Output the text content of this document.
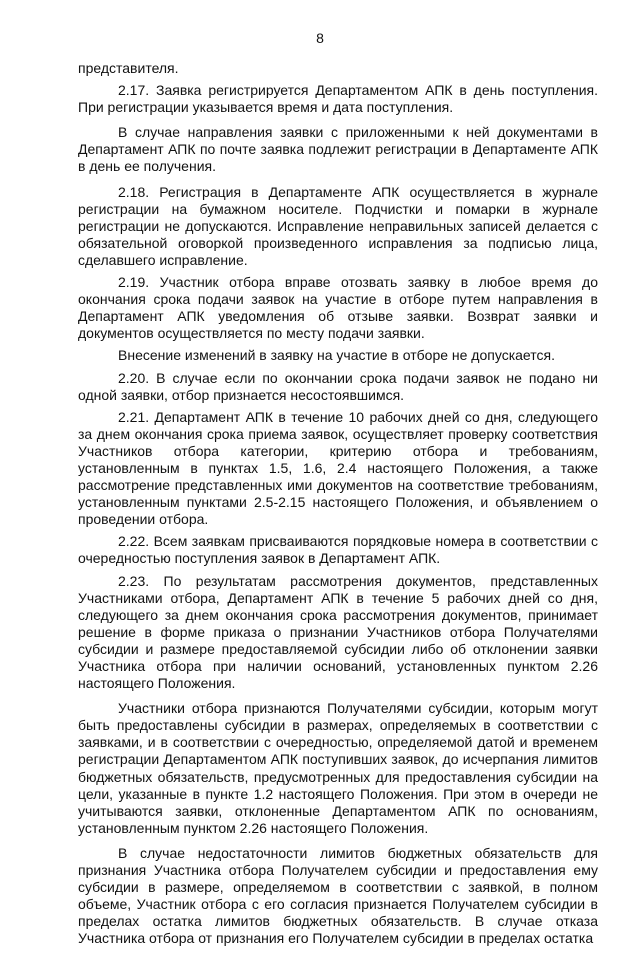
8

представителя.

2.17. Заявка регистрируется Департаментом АПК в день поступления. При регистрации указывается время и дата поступления.

В случае направления заявки с приложенными к ней документами в Департамент АПК по почте заявка подлежит регистрации в Департаменте АПК в день ее получения.

2.18. Регистрация в Департаменте АПК осуществляется в журнале регистрации на бумажном носителе. Подчистки и помарки в журнале регистрации не допускаются. Исправление неправильных записей делается с обязательной оговоркой произведенного исправления за подписью лица, сделавшего исправление.

2.19. Участник отбора вправе отозвать заявку в любое время до окончания срока подачи заявок на участие в отборе путем направления в Департамент АПК уведомления об отзыве заявки. Возврат заявки и документов осуществляется по месту подачи заявки.

Внесение изменений в заявку на участие в отборе не допускается.

2.20. В случае если по окончании срока подачи заявок не подано ни одной заявки, отбор признается несостоявшимся.

2.21. Департамент АПК в течение 10 рабочих дней со дня, следующего за днем окончания срока приема заявок, осуществляет проверку соответствия Участников отбора категории, критерию отбора и требованиям, установленным в пунктах 1.5, 1.6, 2.4 настоящего Положения, а также рассмотрение представленных ими документов на соответствие требованиям, установленным пунктами 2.5-2.15 настоящего Положения, и объявлением о проведении отбора.

2.22. Всем заявкам присваиваются порядковые номера в соответствии с очередностью поступления заявок в Департамент АПК.

2.23. По результатам рассмотрения документов, представленных Участниками отбора, Департамент АПК в течение 5 рабочих дней со дня, следующего за днем окончания срока рассмотрения документов, принимает решение в форме приказа о признании Участников отбора Получателями субсидии и размере предоставляемой субсидии либо об отклонении заявки Участника отбора при наличии оснований, установленных пунктом 2.26 настоящего Положения.

Участники отбора признаются Получателями субсидии, которым могут быть предоставлены субсидии в размерах, определяемых в соответствии с заявками, и в соответствии с очередностью, определяемой датой и временем регистрации Департаментом АПК поступивших заявок, до исчерпания лимитов бюджетных обязательств, предусмотренных для предоставления субсидии на цели, указанные в пункте 1.2 настоящего Положения. При этом в очереди не учитываются заявки, отклоненные Департаментом АПК по основаниям, установленным пунктом 2.26 настоящего Положения.

В случае недостаточности лимитов бюджетных обязательств для признания Участника отбора Получателем субсидии и предоставления ему субсидии в размере, определяемом в соответствии с заявкой, в полном объеме, Участник отбора с его согласия признается Получателем субсидии в пределах остатка лимитов бюджетных обязательств. В случае отказа Участника отбора от признания его Получателем субсидии в пределах остатка
